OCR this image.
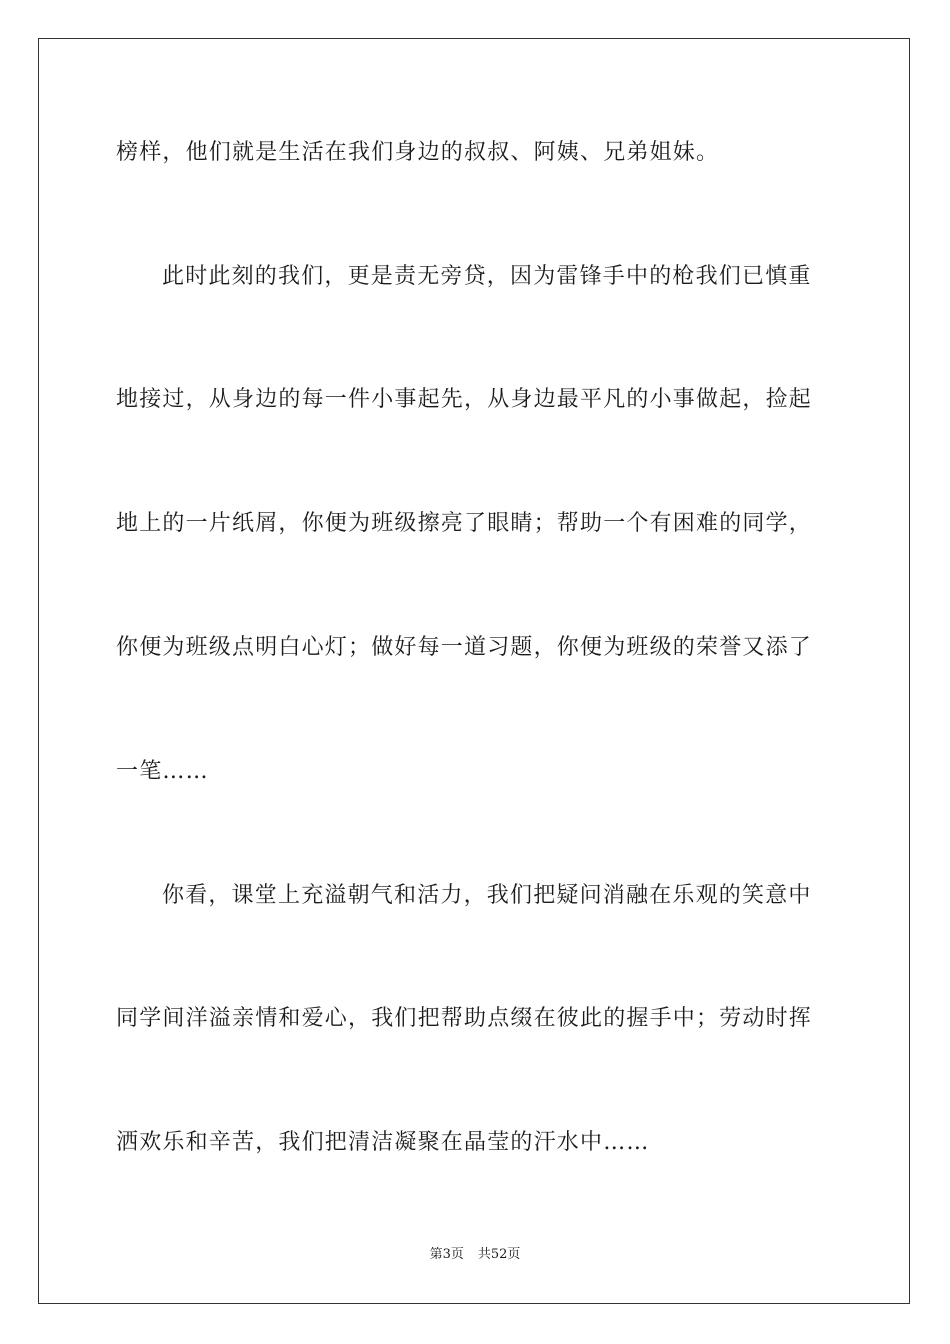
榜样，他们就是生活在我们身边的叔叔、阿姨、兄弟姐妹。
此时此刻的我们，更是责无旁贷，因为雷锋手中的枪我们已慎重
地接过，从身边的每一件小事起先，从身边最平凡的小事做起，捡起
地上的一片纸屑，你便为班级擦亮了眼睛；帮助一个有困难的同学，
你便为班级点明白心灯；做好每一道习题，你便为班级的荣誉又添了
一笔……
你看，课堂上充溢朝气和活力，我们把疑问消融在乐观的笑意中
同学间洋溢亲情和爱心，我们把帮助点缀在彼此的握手中；劳动时挥
洒欢乐和辛苦，我们把清洁凝聚在晶莹的汗水中……
第3页 共52页
